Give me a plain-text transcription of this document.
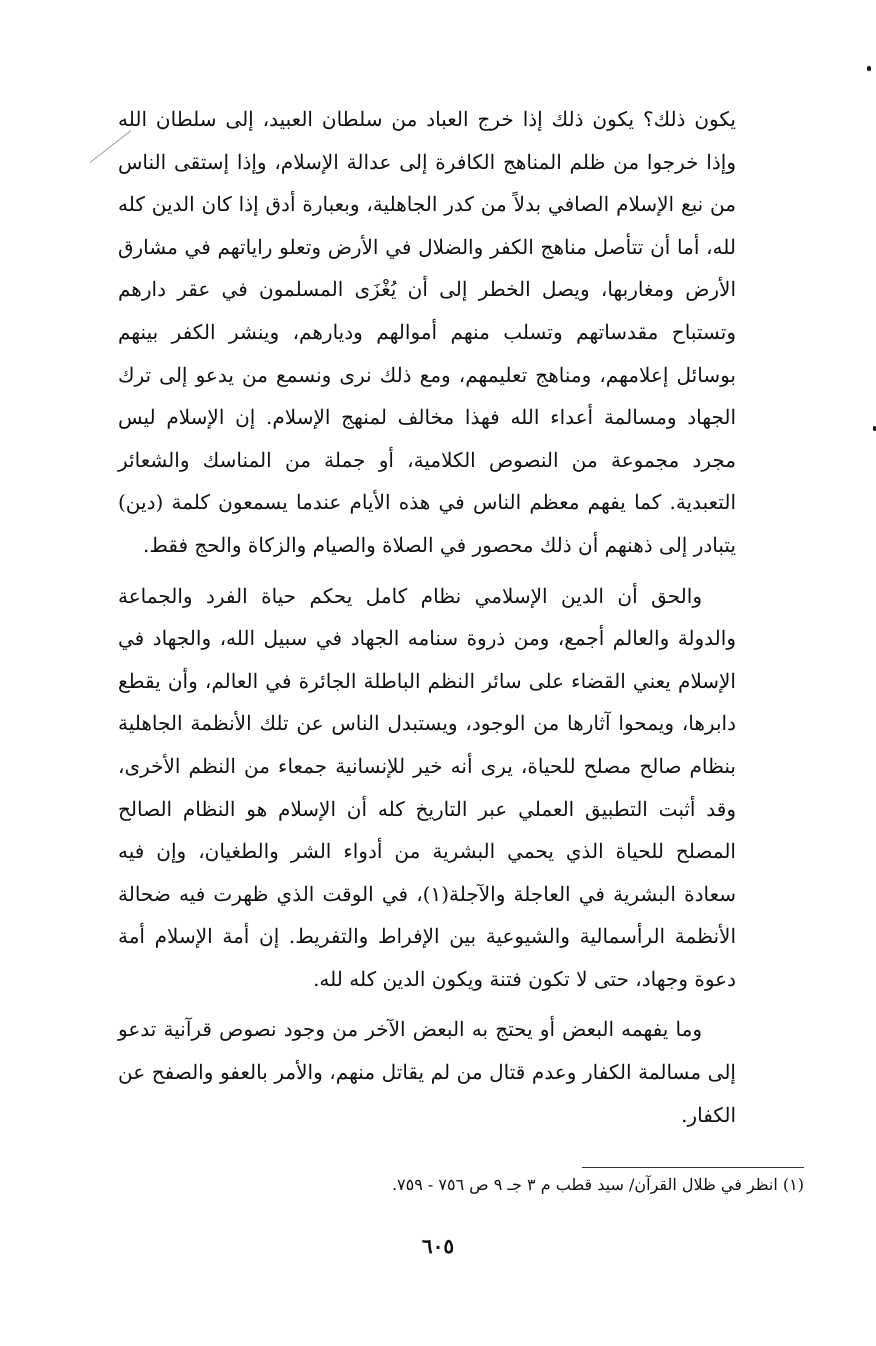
يكون ذلك؟ يكون ذلك إذا خرج العباد من سلطان العبيد، إلى سلطان الله وإذا خرجوا من ظلم المناهج الكافرة إلى عدالة الإسلام، وإذا إستقى الناس من نبع الإسلام الصافي بدلاً من كدر الجاهلية، وبعبارة أدق إذا كان الدين كله لله، أما أن تتأصل مناهج الكفر والضلال في الأرض وتعلو راياتهم في مشارق الأرض ومغاربها، ويصل الخطر إلى أن يُغْزَى المسلمون في عقر دارهم وتستباح مقدساتهم وتسلب منهم أموالهم وديارهم، وينشر الكفر بينهم بوسائل إعلامهم، ومناهج تعليمهم، ومع ذلك نرى ونسمع من يدعو إلى ترك الجهاد ومسالمة أعداء الله فهذا مخالف لمنهج الإسلام. إن الإسلام ليس مجرد مجموعة من النصوص الكلامية، أو جملة من المناسك والشعائر التعبدية. كما يفهم معظم الناس في هذه الأيام عندما يسمعون كلمة (دين) يتبادر إلى ذهنهم أن ذلك محصور في الصلاة والصيام والزكاة والحج فقط.

والحق أن الدين الإسلامي نظام كامل يحكم حياة الفرد والجماعة والدولة والعالم أجمع، ومن ذروة سنامه الجهاد في سبيل الله، والجهاد في الإسلام يعني القضاء على سائر النظم الباطلة الجائرة في العالم، وأن يقطع دابرها، ويمحوا آثارها من الوجود، ويستبدل الناس عن تلك الأنظمة الجاهلية بنظام صالح مصلح للحياة، يرى أنه خير للإنسانية جمعاء من النظم الأخرى، وقد أثبت التطبيق العملي عبر التاريخ كله أن الإسلام هو النظام الصالح المصلح للحياة الذي يحمي البشرية من أدواء الشر والطغيان، وإن فيه سعادة البشرية في العاجلة والآجلة(١)، في الوقت الذي ظهرت فيه ضحالة الأنظمة الرأسمالية والشيوعية بين الإفراط والتفريط. إن أمة الإسلام أمة دعوة وجهاد، حتى لا تكون فتنة ويكون الدين كله لله.

وما يفهمه البعض أو يحتج به البعض الآخر من وجود نصوص قرآنية تدعو إلى مسالمة الكفار وعدم قتال من لم يقاتل منهم، والأمر بالعفو والصفح عن الكفار.

(١) انظر في ظلال القرآن/ سيد قطب م ٣ جـ ٩ ص ٧٥٦ - ٧٥٩.
٦٠٥
